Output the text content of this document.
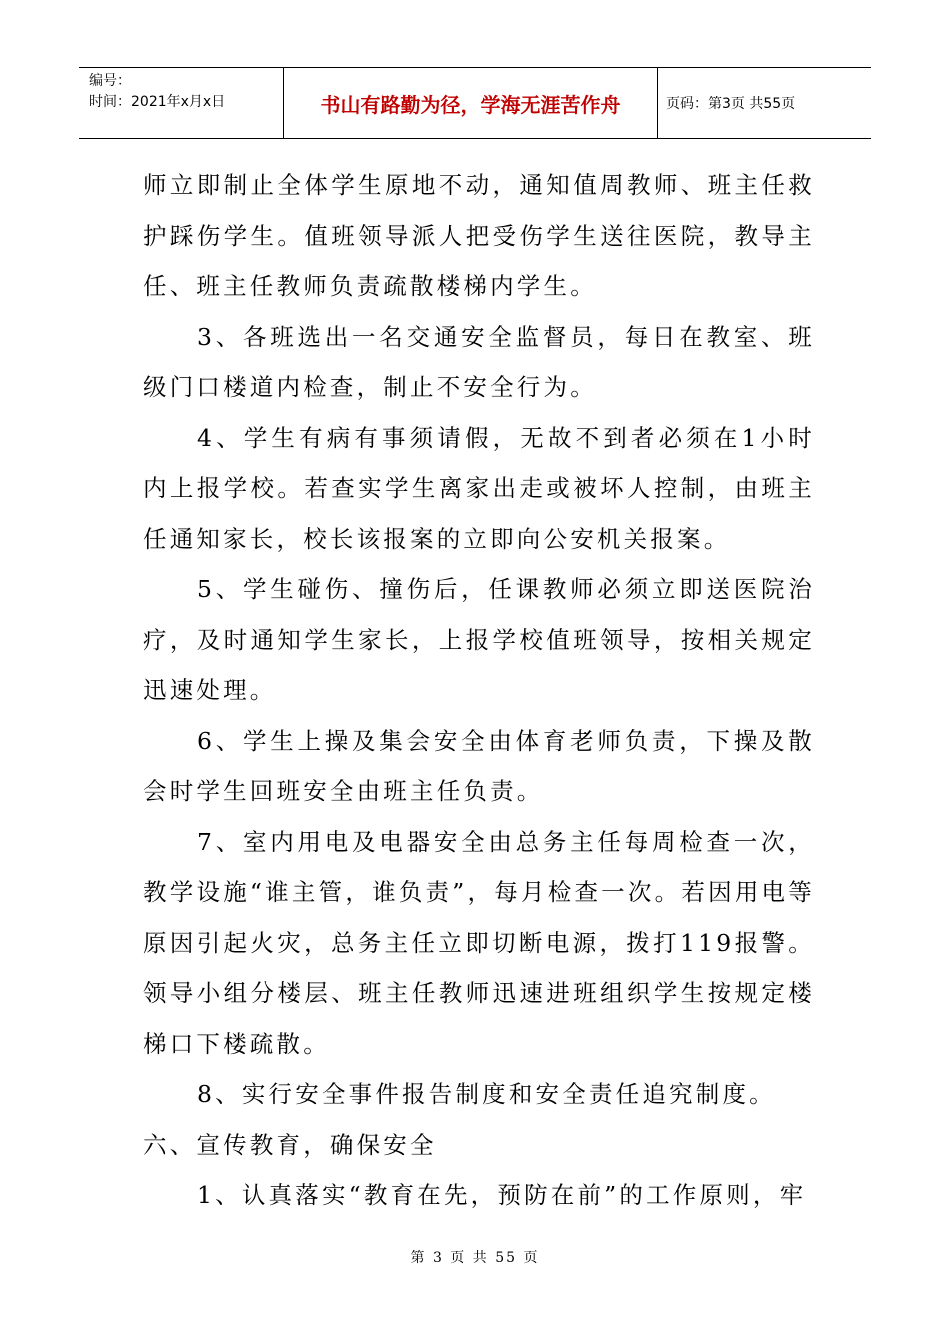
编号：
时间：2021年x月x日	书山有路勤为径，学海无涯苦作舟	页码：第3页 共55页

师立即制止全体学生原地不动，通知值周教师、班主任救护踩伤学生。值班领导派人把受伤学生送往医院，教导主任、班主任教师负责疏散楼梯内学生。

3、各班选出一名交通安全监督员，每日在教室、班级门口楼道内检查，制止不安全行为。

4、学生有病有事须请假，无故不到者必须在1小时内上报学校。若查实学生离家出走或被坏人控制，由班主任通知家长，校长该报案的立即向公安机关报案。

5、学生碰伤、撞伤后，任课教师必须立即送医院治疗，及时通知学生家长，上报学校值班领导，按相关规定迅速处理。

6、学生上操及集会安全由体育老师负责，下操及散会时学生回班安全由班主任负责。

7、室内用电及电器安全由总务主任每周检查一次，教学设施“谁主管，谁负责”，每月检查一次。若因用电等原因引起火灾，总务主任立即切断电源，拨打119报警。领导小组分楼层、班主任教师迅速进班组织学生按规定楼梯口下楼疏散。

8、实行安全事件报告制度和安全责任追究制度。

六、宣传教育，确保安全

1、认真落实“教育在先，预防在前”的工作原则，牢

第 3 页 共 55 页
